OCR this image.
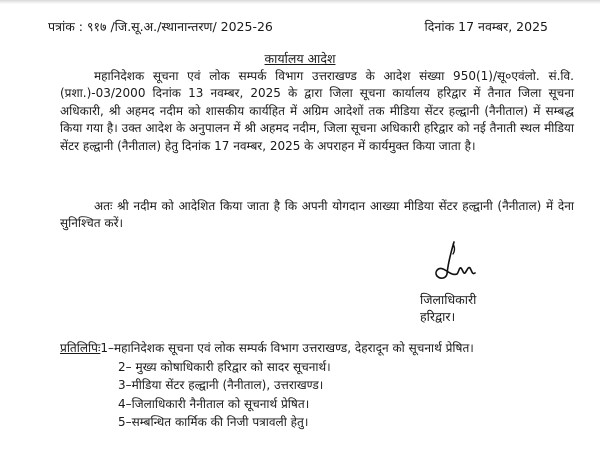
पत्रांक : ९१७ /जि.सू.अ./स्थानान्तरण/ 2025-26	दिनांक 17 नवम्बर, 2025
कार्यालय आदेश

महानिदेशक सूचना एवं लोक सम्पर्क विभाग उत्तराखण्ड के आदेश संख्या 950(1)/सू०एवंलो. सं.वि.(प्रशा.)-03/2000 दिनांक 13 नवम्बर, 2025 के द्वारा जिला सूचना कार्यालय हरिद्वार में तैनात जिला सूचना अधिकारी, श्री अहमद नदीम को शासकीय कार्यहित में अग्रिम आदेशों तक मीडिया सेंटर हल्द्वानी (नैनीताल) में सम्बद्ध किया गया है। उक्त आदेश के अनुपालन में श्री अहमद नदीम, जिला सूचना अधिकारी हरिद्वार को नई तैनाती स्थल मीडिया सेंटर हल्द्वानी (नैनीताल) हेतु दिनांक 17 नवम्बर, 2025 के अपराहन में कार्यमुक्त किया जाता है।

अतः श्री नदीम को आदेशित किया जाता है कि अपनी योगदान आख्या मीडिया सेंटर हल्द्वानी (नैनीताल) में देना सुनिश्चित करें।

जिलाधिकारी
हरिद्वार।
प्रतिलिपिः1–महानिदेशक सूचना एवं लोक सम्पर्क विभाग उत्तराखण्ड, देहरादून को सूचनार्थ प्रेषित।
2– मुख्य कोषाधिकारी हरिद्वार को सादर सूचनार्थ।
3–मीडिया सेंटर हल्द्वानी (नैनीताल), उत्तराखण्ड।
4–जिलाधिकारी नैनीताल को सूचनार्थ प्रेषित।
5–सम्बन्धित कार्मिक की निजी पत्रावली हेतु।
